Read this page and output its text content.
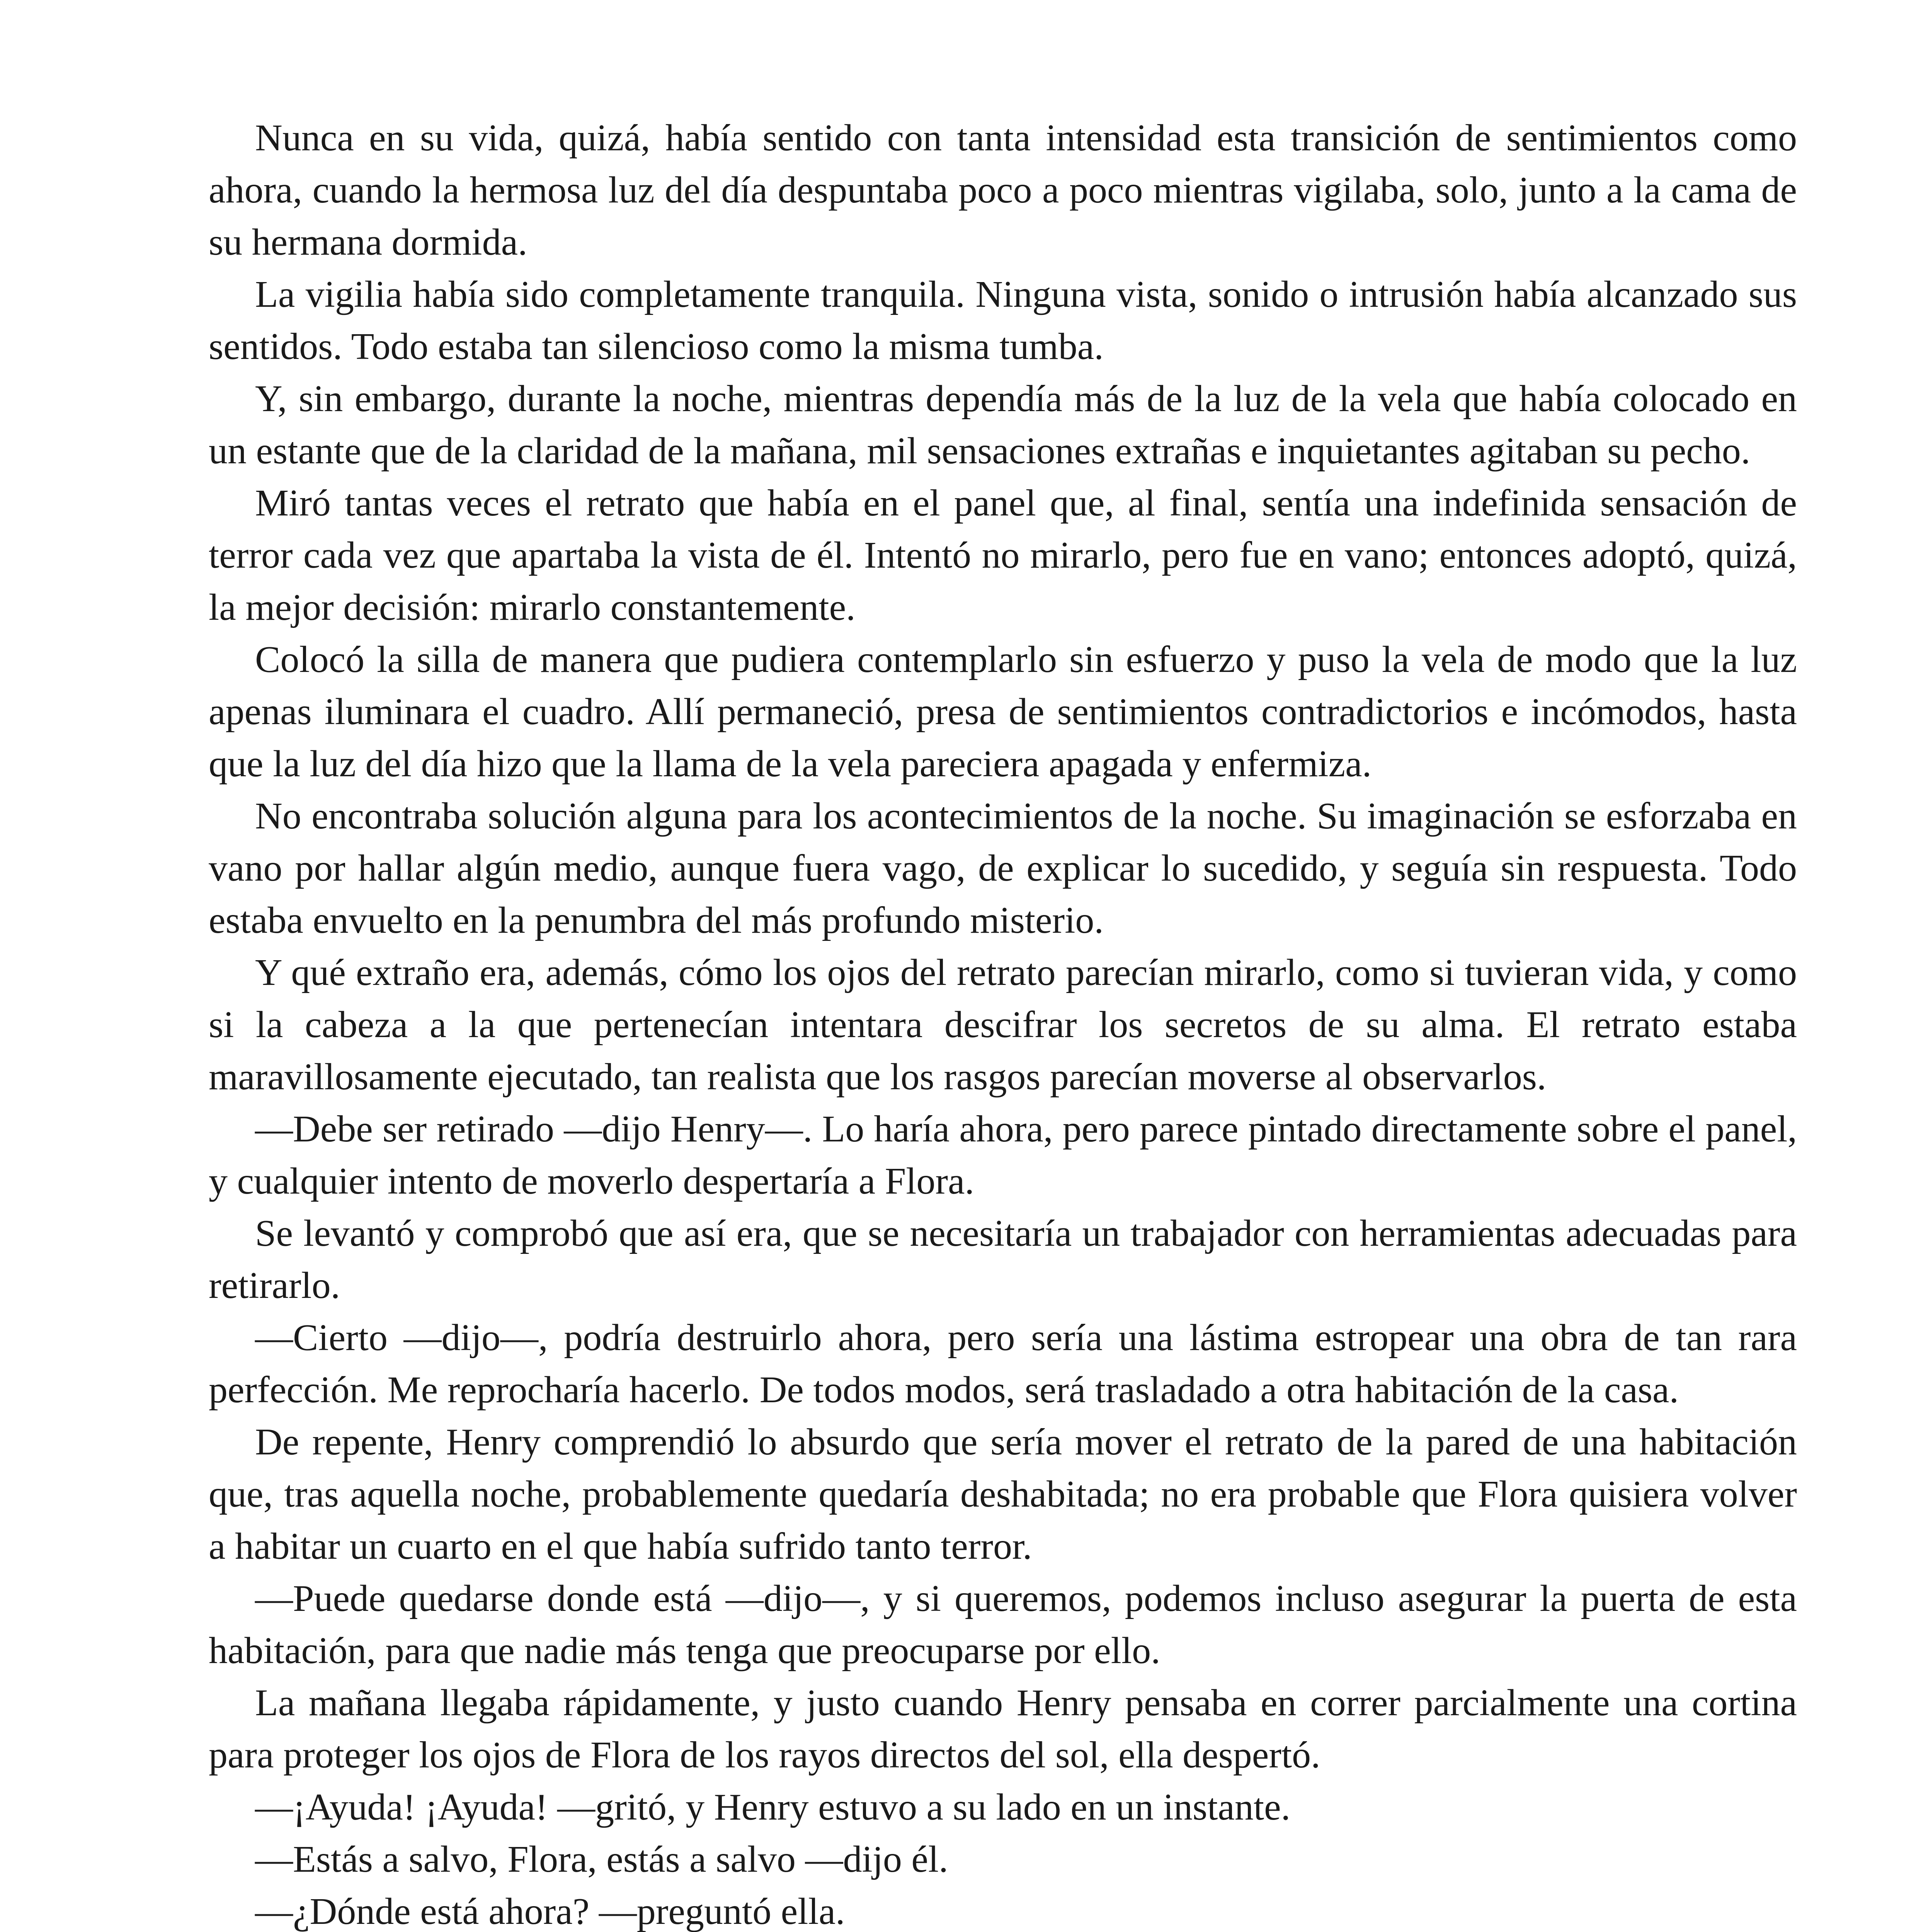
Nunca en su vida, quizá, había sentido con tanta intensidad esta transición de sentimientos como ahora, cuando la hermosa luz del día despuntaba poco a poco mientras vigilaba, solo, junto a la cama de su hermana dormida.

La vigilia había sido completamente tranquila. Ninguna vista, sonido o intrusión había alcanzado sus sentidos. Todo estaba tan silencioso como la misma tumba.

Y, sin embargo, durante la noche, mientras dependía más de la luz de la vela que había colocado en un estante que de la claridad de la mañana, mil sensaciones extrañas e inquietantes agitaban su pecho.

Miró tantas veces el retrato que había en el panel que, al final, sentía una indefinida sensación de terror cada vez que apartaba la vista de él. Intentó no mirarlo, pero fue en vano; entonces adoptó, quizá, la mejor decisión: mirarlo constantemente.

Colocó la silla de manera que pudiera contemplarlo sin esfuerzo y puso la vela de modo que la luz apenas iluminara el cuadro. Allí permaneció, presa de sentimientos contradictorios e incómodos, hasta que la luz del día hizo que la llama de la vela pareciera apagada y enfermiza.

No encontraba solución alguna para los acontecimientos de la noche. Su imaginación se esforzaba en vano por hallar algún medio, aunque fuera vago, de explicar lo sucedido, y seguía sin respuesta. Todo estaba envuelto en la penumbra del más profundo misterio.

Y qué extraño era, además, cómo los ojos del retrato parecían mirarlo, como si tuvieran vida, y como si la cabeza a la que pertenecían intentara descifrar los secretos de su alma. El retrato estaba maravillosamente ejecutado, tan realista que los rasgos parecían moverse al observarlos.

—Debe ser retirado —dijo Henry—. Lo haría ahora, pero parece pintado directamente sobre el panel, y cualquier intento de moverlo despertaría a Flora.

Se levantó y comprobó que así era, que se necesitaría un trabajador con herramientas adecuadas para retirarlo.

—Cierto —dijo—, podría destruirlo ahora, pero sería una lástima estropear una obra de tan rara perfección. Me reprocharía hacerlo. De todos modos, será trasladado a otra habitación de la casa.

De repente, Henry comprendió lo absurdo que sería mover el retrato de la pared de una habitación que, tras aquella noche, probablemente quedaría deshabitada; no era probable que Flora quisiera volver a habitar un cuarto en el que había sufrido tanto terror.

—Puede quedarse donde está —dijo—, y si queremos, podemos incluso asegurar la puerta de esta habitación, para que nadie más tenga que preocuparse por ello.

La mañana llegaba rápidamente, y justo cuando Henry pensaba en correr parcialmente una cortina para proteger los ojos de Flora de los rayos directos del sol, ella despertó.

—¡Ayuda! ¡Ayuda! —gritó, y Henry estuvo a su lado en un instante.

—Estás a salvo, Flora, estás a salvo —dijo él.

—¿Dónde está ahora? —preguntó ella.
